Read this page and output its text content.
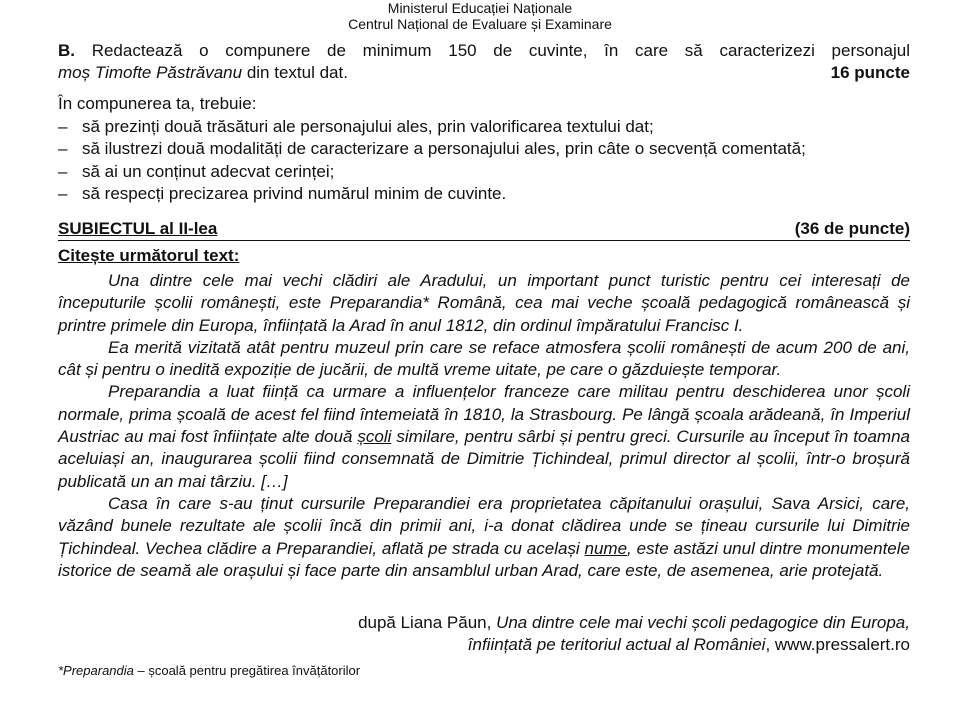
Ministerul Educației Naționale
Centrul Național de Evaluare și Examinare
B. Redactează o compunere de minimum 150 de cuvinte, în care să caracterizezi personajul
moș Timofte Păstrăvanu din textul dat.	16 puncte
În compunerea ta, trebuie:
– să prezinți două trăsături ale personajului ales, prin valorificarea textului dat;
– să ilustrezi două modalități de caracterizare a personajului ales, prin câte o secvență comentată;
– să ai un conținut adecvat cerinței;
– să respecți precizarea privind numărul minim de cuvinte.
SUBIECTUL al II-lea	(36 de puncte)
Citește următorul text:

Una dintre cele mai vechi clădiri ale Aradului, un important punct turistic pentru cei interesați de începuturile școlii românești, este Preparandia* Română, cea mai veche școală pedagogică românească și printre primele din Europa, înființată la Arad în anul 1812, din ordinul împăratului Francisc I.

Ea merită vizitată atât pentru muzeul prin care se reface atmosfera școlii românești de acum 200 de ani, cât și pentru o inedită expoziție de jucării, de multă vreme uitate, pe care o găzduiește temporar.

Preparandia a luat ființă ca urmare a influențelor franceze care militau pentru deschiderea unor școli normale, prima școală de acest fel fiind întemeiată în 1810, la Strasbourg. Pe lângă școala arădeană, în Imperiul Austriac au mai fost înființate alte două școli similare, pentru sârbi și pentru greci. Cursurile au început în toamna aceluiași an, inaugurarea școlii fiind consemnată de Dimitrie Țichindeal, primul director al școlii, într-o broșură publicată un an mai târziu. […]

Casa în care s-au ținut cursurile Preparandiei era proprietatea căpitanului orașului, Sava Arsici, care, văzând bunele rezultate ale școlii încă din primii ani, i-a donat clădirea unde se țineau cursurile lui Dimitrie Țichindeal. Vechea clădire a Preparandiei, aflată pe strada cu același nume, este astăzi unul dintre monumentele istorice de seamă ale orașului și face parte din ansamblul urban Arad, care este, de asemenea, arie protejată.

după Liana Păun, Una dintre cele mai vechi școli pedagogice din Europa,
înființată pe teritoriul actual al României, www.pressalert.ro
*Preparandia – școală pentru pregătirea învățătorilor
